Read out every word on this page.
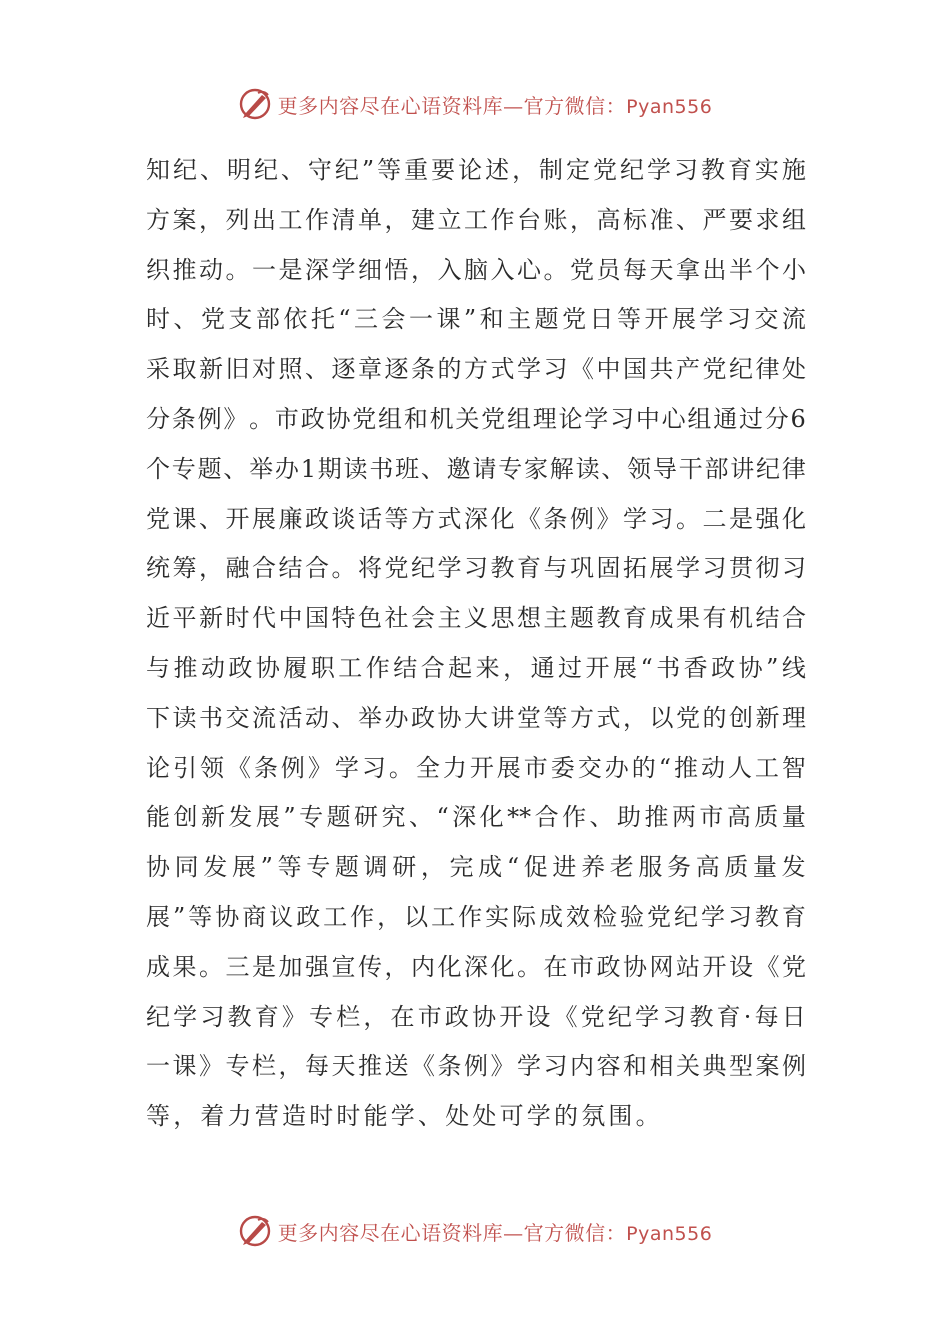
更多内容尽在心语资料库—官方微信：Pyan556
知 纪 、 明 纪 、 守 纪 ” 等 重 要 论 述 ， 制 定 党 纪 学 习 教 育 实 施
方 案 ， 列 出 工 作 清 单 ， 建 立 工 作 台 账 ， 高 标 准 、 严 要 求 组
织 推 动 。 一 是 深 学 细 悟 ， 入 脑 入 心 。 党 员 每 天 拿 出 半 个 小
时 、 党 支 部 依 托 “ 三 会 一 课 ” 和 主 题 党 日 等 开 展 学 习 交 流
采 取 新 旧 对 照 、 逐 章 逐 条 的 方 式 学 习 《 中 国 共 产 党 纪 律 处
分 条 例 》 。 市 政 协 党 组 和 机 关 党 组 理 论 学 习 中 心 组 通 过 分 6
个 专 题 、 举 办 1 期 读 书 班 、 邀 请 专 家 解 读 、 领 导 干 部 讲 纪 律
党 课 、 开 展 廉 政 谈 话 等 方 式 深 化 《 条 例 》 学 习 。 二 是 强 化
统 筹 ， 融 合 结 合 。 将 党 纪 学 习 教 育 与 巩 固 拓 展 学 习 贯 彻 习
近 平 新 时 代 中 国 特 色 社 会 主 义 思 想 主 题 教 育 成 果 有 机 结 合
与 推 动 政 协 履 职 工 作 结 合 起 来 ， 通 过 开 展 “ 书 香 政 协 ” 线
下 读 书 交 流 活 动 、 举 办 政 协 大 讲 堂 等 方 式 ， 以 党 的 创 新 理
论 引 领 《 条 例 》 学 习 。 全 力 开 展 市 委 交 办 的 “ 推 动 人 工 智
能 创 新 发 展 ” 专 题 研 究 、 “ 深 化 ** 合 作 、 助 推 两 市 高 质 量
协 同 发 展 ” 等 专 题 调 研 ， 完 成 “ 促 进 养 老 服 务 高 质 量 发
展 ” 等 协 商 议 政 工 作 ， 以 工 作 实 际 成 效 检 验 党 纪 学 习 教 育
成 果 。 三 是 加 强 宣 传 ， 内 化 深 化 。 在 市 政 协 网 站 开 设 《 党
纪 学 习 教 育 》 专 栏 ， 在 市 政 协 开 设 《 党 纪 学 习 教 育 · 每 日
一 课 》 专 栏 ， 每 天 推 送 《 条 例 》 学 习 内 容 和 相 关 典 型 案 例
等，着力营造时时能学、处处可学的氛围。
更多内容尽在心语资料库—官方微信：Pyan556
